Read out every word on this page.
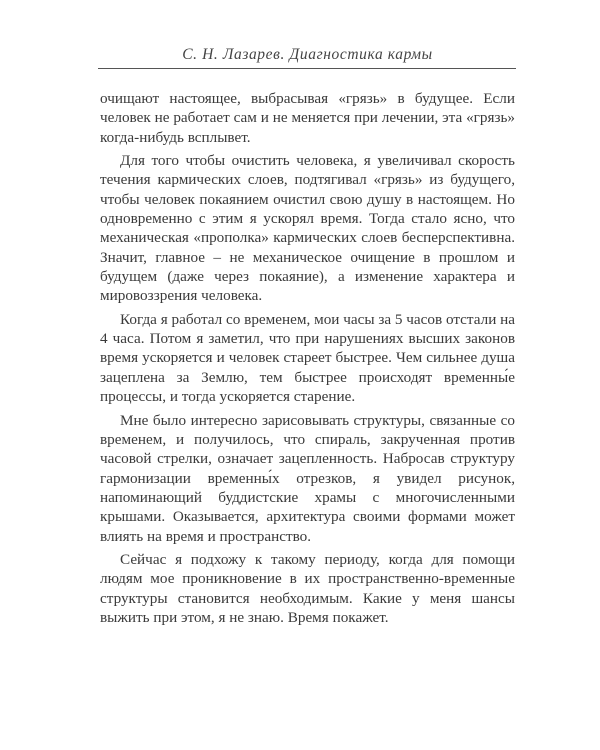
С. Н. Лазарев. Диагностика кармы

очищают настоящее, выбрасывая «грязь» в будущее. Если человек не работает сам и не меняется при лечении, эта «грязь» когда-нибудь всплывет.

Для того чтобы очистить человека, я увеличивал скорость течения кармических слоев, подтягивал «грязь» из будущего, чтобы человек покаянием очистил свою душу в настоящем. Но одновременно с этим я ускорял время. Тогда стало ясно, что механическая «прополка» кармических слоев бесперспективна. Значит, главное – не механическое очищение в прошлом и будущем (даже через покаяние), а изменение характера и мировоззрения человека.

Когда я работал со временем, мои часы за 5 часов отстали на 4 часа. Потом я заметил, что при нарушениях высших законов время ускоряется и человек стареет быстрее. Чем сильнее душа зацеплена за Землю, тем быстрее происходят временны́е процессы, и тогда ускоряется старение.

Мне было интересно зарисовывать структуры, связанные со временем, и получилось, что спираль, закрученная против часовой стрелки, означает зацепленность. Набросав структуру гармонизации временны́х отрезков, я увидел рисунок, напоминающий буддистские храмы с многочисленными крышами. Оказывается, архитектура своими формами может влиять на время и пространство.

Сейчас я подхожу к такому периоду, когда для помощи людям мое проникновение в их пространственно-временные структуры становится необходимым. Какие у меня шансы выжить при этом, я не знаю. Время покажет.
